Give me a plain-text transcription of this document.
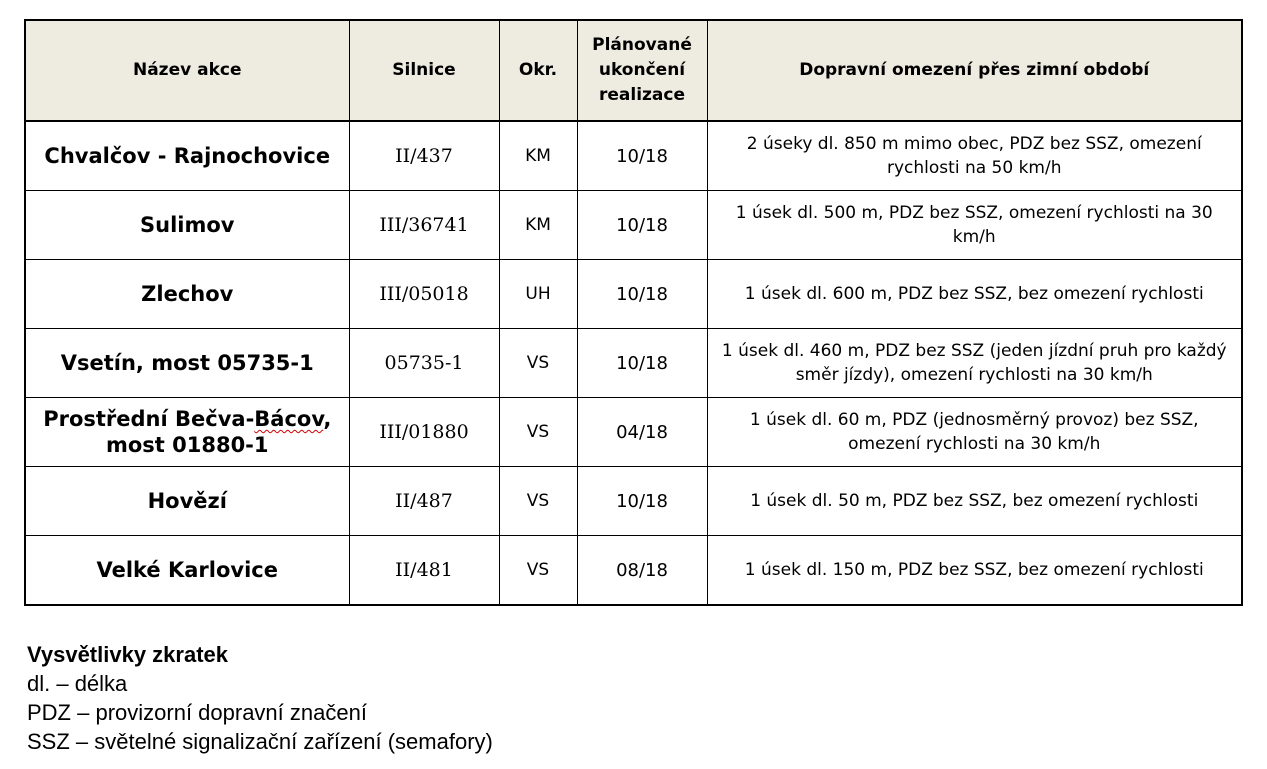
Název akce	Silnice	Okr.	Plánované ukončení realizace	Dopravní omezení přes zimní období
Chvalčov - Rajnochovice	II/437	KM	10/18	2 úseky dl. 850 m mimo obec, PDZ bez SSZ, omezení rychlosti na 50 km/h
Sulimov	III/36741	KM	10/18	1 úsek dl. 500 m, PDZ bez SSZ, omezení rychlosti na 30 km/h
Zlechov	III/05018	UH	10/18	1 úsek dl. 600 m, PDZ bez SSZ, bez omezení rychlosti
Vsetín, most 05735-1	05735-1	VS	10/18	1 úsek dl. 460 m, PDZ bez SSZ (jeden jízdní pruh pro každý směr jízdy), omezení rychlosti na 30 km/h
Prostřední Bečva-Bácov,
most 01880-1	III/01880	VS	04/18	1 úsek dl. 60 m, PDZ (jednosměrný provoz) bez SSZ, omezení rychlosti na 30 km/h
Hovězí	II/487	VS	10/18	1 úsek dl. 50 m, PDZ bez SSZ, bez omezení rychlosti
Velké Karlovice	II/481	VS	08/18	1 úsek dl. 150 m, PDZ bez SSZ, bez omezení rychlosti
Vysvětlivky zkratek
dl. – délka
PDZ – provizorní dopravní značení
SSZ – světelné signalizační zařízení (semafory)
